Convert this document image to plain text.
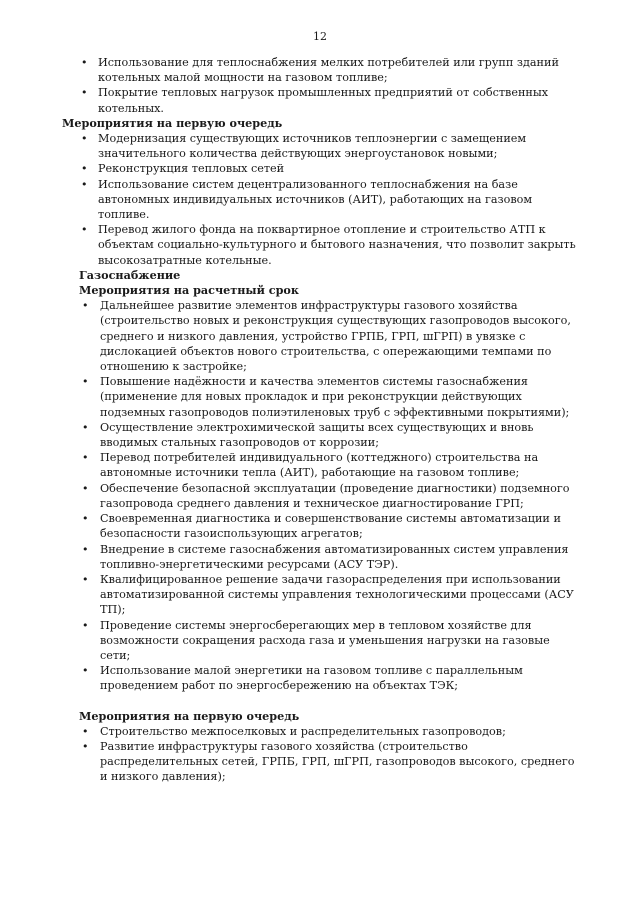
12
• Использование для теплоснабжения мелких потребителей или групп зданий котельных малой мощности на газовом топливе;
• Покрытие тепловых нагрузок промышленных предприятий от собственных котельных.

Мероприятия на первую очередь

• Модернизация существующих источников теплоэнергии с замещением значительного количества действующих энергоустановок новыми;
• Реконструкция тепловых сетей
• Использование систем децентрализованного теплоснабжения на базе автономных индивидуальных источников (АИТ), работающих на газовом топливе.
• Перевод жилого фонда на поквартирное отопление и строительство АТП к объектам социально-культурного и бытового назначения, что позволит закрыть высокозатратные котельные.

Газоснабжение

Мероприятия на расчетный срок

• Дальнейшее развитие элементов инфраструктуры газового хозяйства (строительство новых и реконструкция существующих газопроводов высокого, среднего и низкого давления, устройство ГРПБ, ГРП, шГРП) в увязке с дислокацией объектов нового строительства, с опережающими темпами по отношению к застройке;
• Повышение надёжности и качества элементов системы газоснабжения (применение для новых прокладок и при реконструкции действующих подземных газопроводов полиэтиленовых труб с эффективными покрытиями);
• Осуществление электрохимической защиты всех существующих и вновь вводимых стальных газопроводов от коррозии;
• Перевод потребителей индивидуального (коттеджного) строительства на автономные источники тепла (АИТ), работающие на газовом топливе;
• Обеспечение безопасной эксплуатации (проведение диагностики) подземного газопровода среднего давления и техническое диагностирование ГРП;
• Своевременная диагностика и совершенствование системы автоматизации и безопасности газоиспользующих агрегатов;
• Внедрение в системе газоснабжения автоматизированных систем управления топливно-энергетическими ресурсами (АСУ ТЭР).
• Квалифицированное решение задачи газораспределения при использовании автоматизированной системы управления технологическими процессами (АСУ ТП);
• Проведение системы энергосберегающих мер в тепловом хозяйстве для возможности сокращения расхода газа и уменьшения нагрузки на газовые сети;
• Использование малой энергетики на газовом топливе с параллельным проведением работ по энергосбережению на объектах ТЭК;

Мероприятия на первую очередь

• Строительство межпоселковых и распределительных газопроводов;
• Развитие инфраструктуры газового хозяйства (строительство распределительных сетей, ГРПБ, ГРП, шГРП, газопроводов высокого, среднего и низкого давления);
